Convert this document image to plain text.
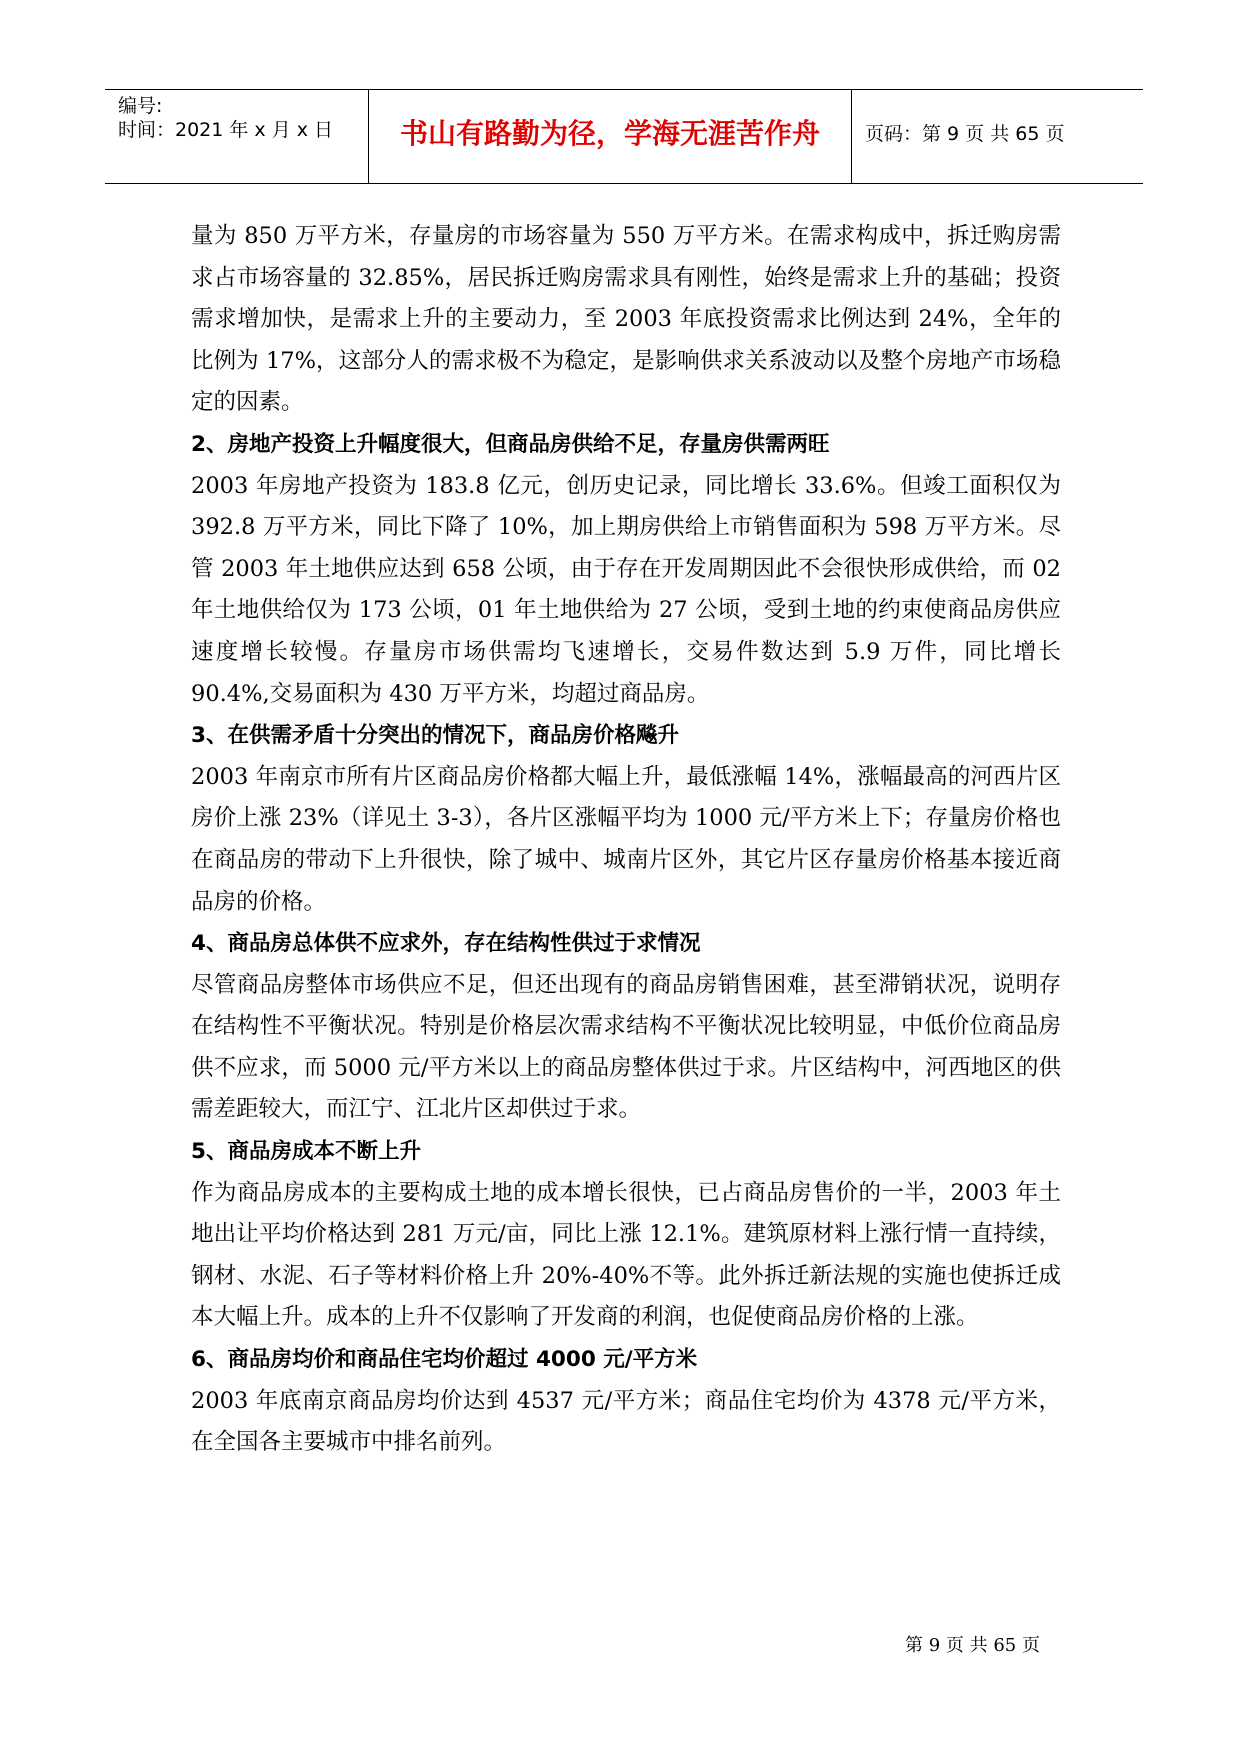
编号:
时间：2021 年 x 月 x 日	书山有路勤为径，学海无涯苦作舟	页码：第 9 页 共 65 页

量为 850 万平方米，存量房的市场容量为 550 万平方米。在需求构成中，拆迁购房需求占市场容量的 32.85%，居民拆迁购房需求具有刚性，始终是需求上升的基础；投资需求增加快，是需求上升的主要动力，至 2003 年底投资需求比例达到 24%，全年的比例为 17%，这部分人的需求极不为稳定，是影响供求关系波动以及整个房地产市场稳定的因素。

2、房地产投资上升幅度很大，但商品房供给不足，存量房供需两旺

2003 年房地产投资为 183.8 亿元，创历史记录，同比增长 33.6%。但竣工面积仅为 392.8 万平方米，同比下降了 10%，加上期房供给上市销售面积为 598 万平方米。尽管 2003 年土地供应达到 658 公顷，由于存在开发周期因此不会很快形成供给，而 02 年土地供给仅为 173 公顷，01 年土地供给为 27 公顷，受到土地的约束使商品房供应速度增长较慢。存量房市场供需均飞速增长，交易件数达到 5.9 万件，同比增长 90.4%,交易面积为 430 万平方米，均超过商品房。

3、在供需矛盾十分突出的情况下，商品房价格飚升

2003 年南京市所有片区商品房价格都大幅上升，最低涨幅 14%，涨幅最高的河西片区房价上涨 23%（详见土 3-3），各片区涨幅平均为 1000 元/平方米上下；存量房价格也在商品房的带动下上升很快，除了城中、城南片区外，其它片区存量房价格基本接近商品房的价格。

4、商品房总体供不应求外，存在结构性供过于求情况

尽管商品房整体市场供应不足，但还出现有的商品房销售困难，甚至滞销状况，说明存在结构性不平衡状况。特别是价格层次需求结构不平衡状况比较明显，中低价位商品房供不应求，而 5000 元/平方米以上的商品房整体供过于求。片区结构中，河西地区的供需差距较大，而江宁、江北片区却供过于求。

5、商品房成本不断上升

作为商品房成本的主要构成土地的成本增长很快，已占商品房售价的一半，2003 年土地出让平均价格达到 281 万元/亩，同比上涨 12.1%。建筑原材料上涨行情一直持续，钢材、水泥、石子等材料价格上升 20%-40%不等。此外拆迁新法规的实施也使拆迁成本大幅上升。成本的上升不仅影响了开发商的利润，也促使商品房价格的上涨。

6、商品房均价和商品住宅均价超过 4000 元/平方米

2003 年底南京商品房均价达到 4537 元/平方米；商品住宅均价为 4378 元/平方米，在全国各主要城市中排名前列。

第 9 页 共 65 页
